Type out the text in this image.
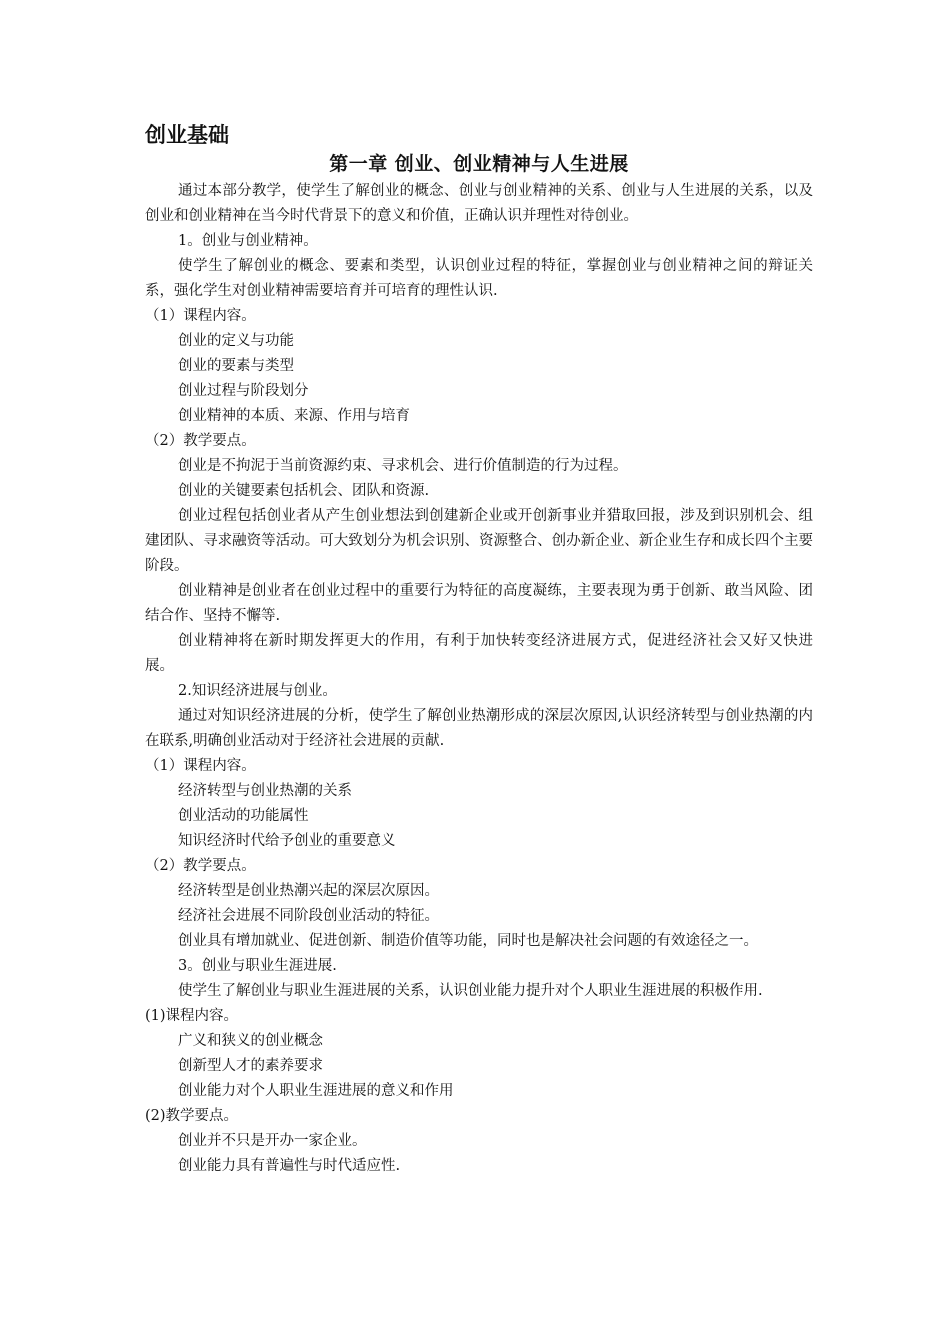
创业基础
第一章 创业、创业精神与人生进展

通过本部分教学，使学生了解创业的概念、创业与创业精神的关系、创业与人生进展的关系，以及创业和创业精神在当今时代背景下的意义和价值，正确认识并理性对待创业。

1。创业与创业精神。

使学生了解创业的概念、要素和类型，认识创业过程的特征，掌握创业与创业精神之间的辩证关系，强化学生对创业精神需要培育并可培育的理性认识.

（1）课程内容。

创业的定义与功能

创业的要素与类型

创业过程与阶段划分

创业精神的本质、来源、作用与培育

（2）教学要点。

创业是不拘泥于当前资源约束、寻求机会、进行价值制造的行为过程。

创业的关键要素包括机会、团队和资源.

创业过程包括创业者从产生创业想法到创建新企业或开创新事业并猎取回报，涉及到识别机会、组建团队、寻求融资等活动。可大致划分为机会识别、资源整合、创办新企业、新企业生存和成长四个主要阶段。

创业精神是创业者在创业过程中的重要行为特征的高度凝练，主要表现为勇于创新、敢当风险、团结合作、坚持不懈等.

创业精神将在新时期发挥更大的作用，有利于加快转变经济进展方式，促进经济社会又好又快进展。

2.知识经济进展与创业。

通过对知识经济进展的分析，使学生了解创业热潮形成的深层次原因,认识经济转型与创业热潮的内在联系,明确创业活动对于经济社会进展的贡献.

（1）课程内容。

经济转型与创业热潮的关系

创业活动的功能属性

知识经济时代给予创业的重要意义

（2）教学要点。

经济转型是创业热潮兴起的深层次原因。

经济社会进展不同阶段创业活动的特征。

创业具有增加就业、促进创新、制造价值等功能，同时也是解决社会问题的有效途径之一。

3。创业与职业生涯进展.

使学生了解创业与职业生涯进展的关系，认识创业能力提升对个人职业生涯进展的积极作用.

(1)课程内容。

广义和狭义的创业概念

创新型人才的素养要求

创业能力对个人职业生涯进展的意义和作用

(2)教学要点。

创业并不只是开办一家企业。

创业能力具有普遍性与时代适应性.
